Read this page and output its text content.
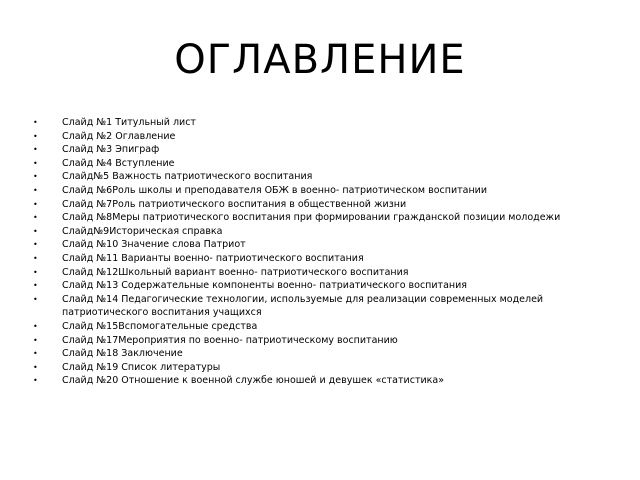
ОГЛАВЛЕНИЕ
•	Слайд №1 Титульный лист
•	Слайд №2 Оглавление
•	Слайд №3 Эпиграф
•	Слайд №4 Вступление
•	Слайд№5 Важность патриотического воспитания
•	Слайд №6Роль школы и преподавателя ОБЖ в военно- патриотическом воспитании
•	Слайд №7Роль патриотического воспитания в общественной жизни
•	Слайд №8Меры патриотического воспитания при формировании гражданской позиции молодежи
•	Слайд№9Историческая справка
•	Слайд №10 Значение слова Патриот
•	Слайд №11 Варианты военно- патриотического воспитания
•	Слайд №12Школьный вариант военно- патриотического воспитания
•	Слайд №13 Содержательные компоненты военно- патриатического воспитания
•	Слайд №14 Педагогические технологии, используемые для реализации современных моделей патриотического воспитания учащихся
•	Слайд №15Вспомогательные средства
•	Слайд №17Мероприятия по военно- патриотическому воспитанию
•	Слайд №18 Заключение
•	Слайд №19 Список литературы
•	Слайд №20 Отношение к военной службе юношей и девушек «статистика»
